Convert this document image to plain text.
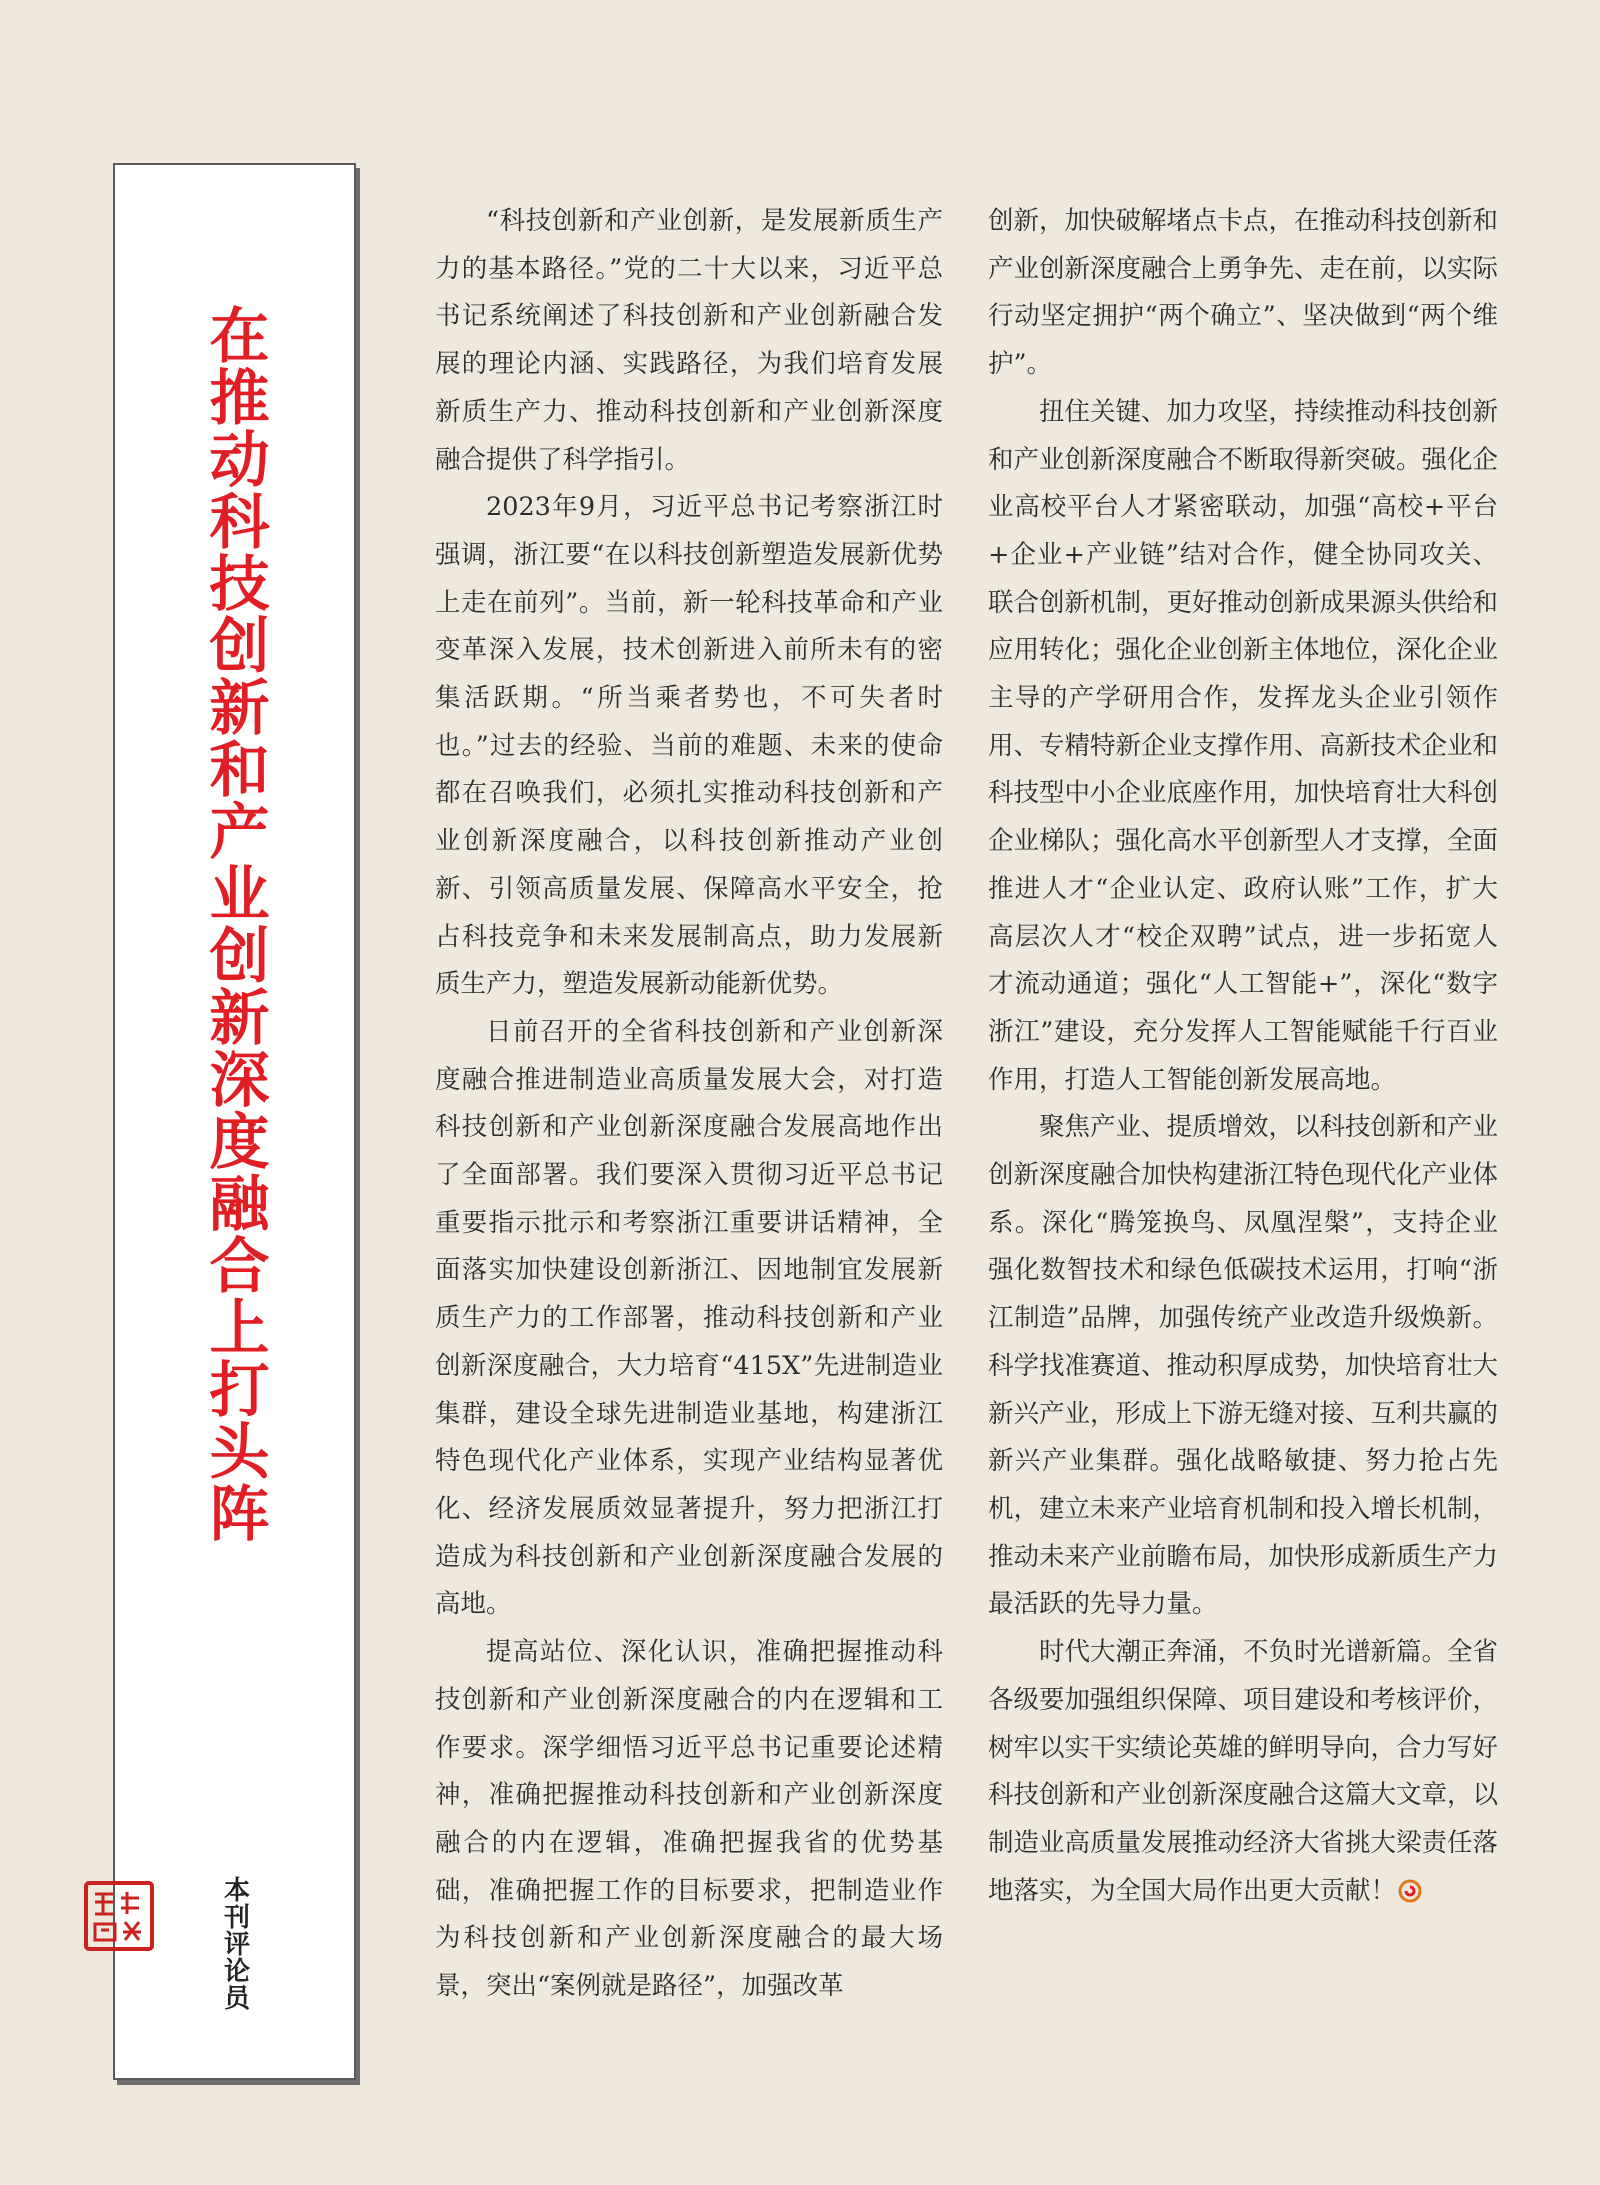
在推动科技创新和产业创新深度融合上打头阵
本刊评论员

“科技创新和产业创新，是发展新质生产力的基本路径。”党的二十大以来，习近平总书记系统阐述了科技创新和产业创新融合发展的理论内涵、实践路径，为我们培育发展新质生产力、推动科技创新和产业创新深度融合提供了科学指引。

2023年9月，习近平总书记考察浙江时强调，浙江要“在以科技创新塑造发展新优势上走在前列”。当前，新一轮科技革命和产业变革深入发展，技术创新进入前所未有的密集活跃期。“所当乘者势也，不可失者时也。”过去的经验、当前的难题、未来的使命都在召唤我们，必须扎实推动科技创新和产业创新深度融合，以科技创新推动产业创新、引领高质量发展、保障高水平安全，抢占科技竞争和未来发展制高点，助力发展新质生产力，塑造发展新动能新优势。

日前召开的全省科技创新和产业创新深度融合推进制造业高质量发展大会，对打造科技创新和产业创新深度融合发展高地作出了全面部署。我们要深入贯彻习近平总书记重要指示批示和考察浙江重要讲话精神，全面落实加快建设创新浙江、因地制宜发展新质生产力的工作部署，推动科技创新和产业创新深度融合，大力培育“415X”先进制造业集群，建设全球先进制造业基地，构建浙江特色现代化产业体系，实现产业结构显著优化、经济发展质效显著提升，努力把浙江打造成为科技创新和产业创新深度融合发展的高地。

提高站位、深化认识，准确把握推动科技创新和产业创新深度融合的内在逻辑和工作要求。深学细悟习近平总书记重要论述精神，准确把握推动科技创新和产业创新深度融合的内在逻辑，准确把握我省的优势基础，准确把握工作的目标要求，把制造业作为科技创新和产业创新深度融合的最大场景，突出“案例就是路径”，加强改革

创新，加快破解堵点卡点，在推动科技创新和产业创新深度融合上勇争先、走在前，以实际行动坚定拥护“两个确立”、坚决做到“两个维护”。

扭住关键、加力攻坚，持续推动科技创新和产业创新深度融合不断取得新突破。强化企业高校平台人才紧密联动，加强“高校+平台+企业+产业链”结对合作，健全协同攻关、联合创新机制，更好推动创新成果源头供给和应用转化；强化企业创新主体地位，深化企业主导的产学研用合作，发挥龙头企业引领作用、专精特新企业支撑作用、高新技术企业和科技型中小企业底座作用，加快培育壮大科创企业梯队；强化高水平创新型人才支撑，全面推进人才“企业认定、政府认账”工作，扩大高层次人才“校企双聘”试点，进一步拓宽人才流动通道；强化“人工智能+”，深化“数字浙江”建设，充分发挥人工智能赋能千行百业作用，打造人工智能创新发展高地。

聚焦产业、提质增效，以科技创新和产业创新深度融合加快构建浙江特色现代化产业体系。深化“腾笼换鸟、凤凰涅槃”，支持企业强化数智技术和绿色低碳技术运用，打响“浙江制造”品牌，加强传统产业改造升级焕新。科学找准赛道、推动积厚成势，加快培育壮大新兴产业，形成上下游无缝对接、互利共赢的新兴产业集群。强化战略敏捷、努力抢占先机，建立未来产业培育机制和投入增长机制，推动未来产业前瞻布局，加快形成新质生产力最活跃的先导力量。

时代大潮正奔涌，不负时光谱新篇。全省各级要加强组织保障、项目建设和考核评价，树牢以实干实绩论英雄的鲜明导向，合力写好科技创新和产业创新深度融合这篇大文章，以制造业高质量发展推动经济大省挑大梁责任落地落实，为全国大局作出更大贡献！
